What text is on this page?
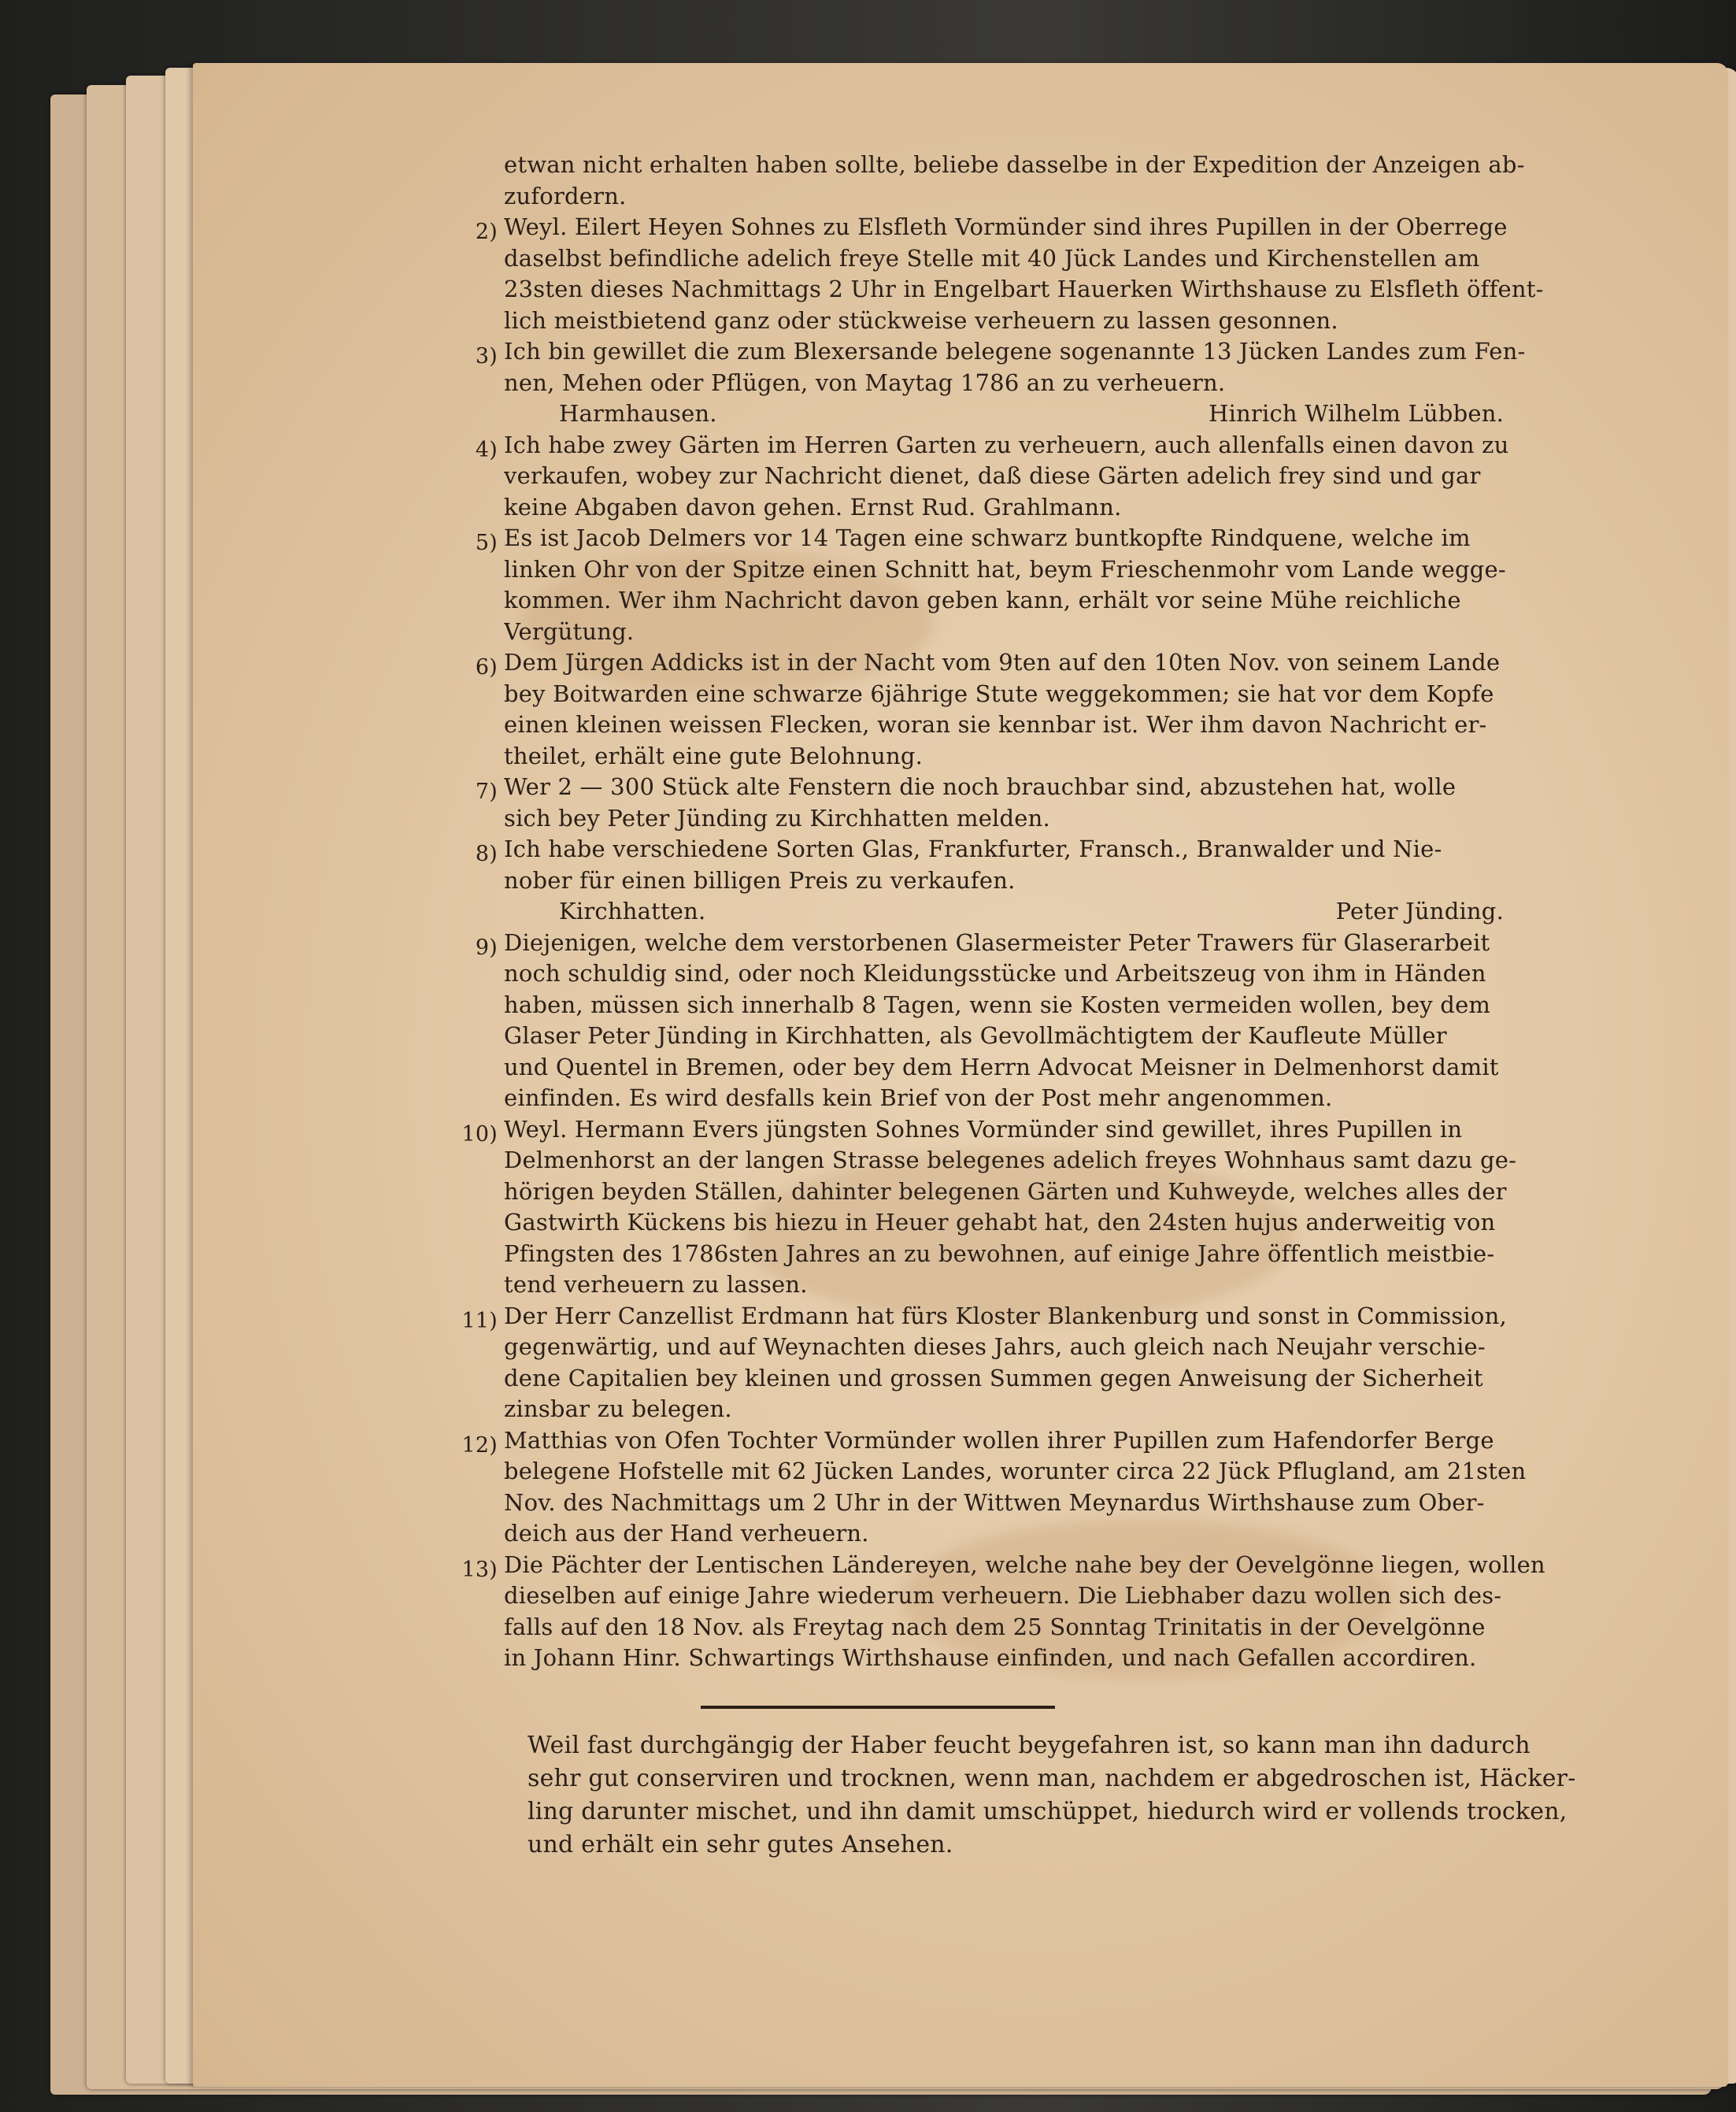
etwan nicht erhalten haben sollte, beliebe dasselbe in der Expedition der Anzeigen ab-
zufordern.
2) Weyl. Eilert Heyen Sohnes zu Elsfleth Vormünder sind ihres Pupillen in der Oberrege
daselbst befindliche adelich freye Stelle mit 40 Jück Landes und Kirchenstellen am
23sten dieses Nachmittags 2 Uhr in Engelbart Hauerken Wirthshause zu Elsfleth öffent-
lich meistbietend ganz oder stückweise verheuern zu lassen gesonnen.
3) Ich bin gewillet die zum Blexersande belegene sogenannte 13 Jücken Landes zum Fen-
nen, Mehen oder Pflügen, von Maytag 1786 an zu verheuern.
Harmhausen.	Hinrich Wilhelm Lübben.
4) Ich habe zwey Gärten im Herren Garten zu verheuern, auch allenfalls einen davon zu
verkaufen, wobey zur Nachricht dienet, daß diese Gärten adelich frey sind und gar
keine Abgaben davon gehen. Ernst Rud. Grahlmann.
5) Es ist Jacob Delmers vor 14 Tagen eine schwarz buntkopfte Rindquene, welche im
linken Ohr von der Spitze einen Schnitt hat, beym Frieschenmohr vom Lande wegge-
kommen. Wer ihm Nachricht davon geben kann, erhält vor seine Mühe reichliche
Vergütung.
6) Dem Jürgen Addicks ist in der Nacht vom 9ten auf den 10ten Nov. von seinem Lande
bey Boitwarden eine schwarze 6jährige Stute weggekommen; sie hat vor dem Kopfe
einen kleinen weissen Flecken, woran sie kennbar ist. Wer ihm davon Nachricht er-
theilet, erhält eine gute Belohnung.
7) Wer 2 — 300 Stück alte Fenstern die noch brauchbar sind, abzustehen hat, wolle
sich bey Peter Jünding zu Kirchhatten melden.
8) Ich habe verschiedene Sorten Glas, Frankfurter, Fransch., Branwalder und Nie-
nober für einen billigen Preis zu verkaufen.
Kirchhatten.	Peter Jünding.
9) Diejenigen, welche dem verstorbenen Glasermeister Peter Trawers für Glaserarbeit
noch schuldig sind, oder noch Kleidungsstücke und Arbeitszeug von ihm in Händen
haben, müssen sich innerhalb 8 Tagen, wenn sie Kosten vermeiden wollen, bey dem
Glaser Peter Jünding in Kirchhatten, als Gevollmächtigtem der Kaufleute Müller
und Quentel in Bremen, oder bey dem Herrn Advocat Meisner in Delmenhorst damit
einfinden. Es wird desfalls kein Brief von der Post mehr angenommen.
10) Weyl. Hermann Evers jüngsten Sohnes Vormünder sind gewillet, ihres Pupillen in
Delmenhorst an der langen Strasse belegenes adelich freyes Wohnhaus samt dazu ge-
hörigen beyden Ställen, dahinter belegenen Gärten und Kuhweyde, welches alles der
Gastwirth Kückens bis hiezu in Heuer gehabt hat, den 24sten hujus anderweitig von
Pfingsten des 1786sten Jahres an zu bewohnen, auf einige Jahre öffentlich meistbie-
tend verheuern zu lassen.
11) Der Herr Canzellist Erdmann hat fürs Kloster Blankenburg und sonst in Commission,
gegenwärtig, und auf Weynachten dieses Jahrs, auch gleich nach Neujahr verschie-
dene Capitalien bey kleinen und grossen Summen gegen Anweisung der Sicherheit
zinsbar zu belegen.
12) Matthias von Ofen Tochter Vormünder wollen ihrer Pupillen zum Hafendorfer Berge
belegene Hofstelle mit 62 Jücken Landes, worunter circa 22 Jück Pflugland, am 21sten
Nov. des Nachmittags um 2 Uhr in der Wittwen Meynardus Wirthshause zum Ober-
deich aus der Hand verheuern.
13) Die Pächter der Lentischen Ländereyen, welche nahe bey der Oevelgönne liegen, wollen
dieselben auf einige Jahre wiederum verheuern. Die Liebhaber dazu wollen sich des-
falls auf den 18 Nov. als Freytag nach dem 25 Sonntag Trinitatis in der Oevelgönne
in Johann Hinr. Schwartings Wirthshause einfinden, und nach Gefallen accordiren.
Weil fast durchgängig der Haber feucht beygefahren ist, so kann man ihn dadurch
sehr gut conserviren und trocknen, wenn man, nachdem er abgedroschen ist, Häcker-
ling darunter mischet, und ihn damit umschüppet, hiedurch wird er vollends trocken,
und erhält ein sehr gutes Ansehen.
